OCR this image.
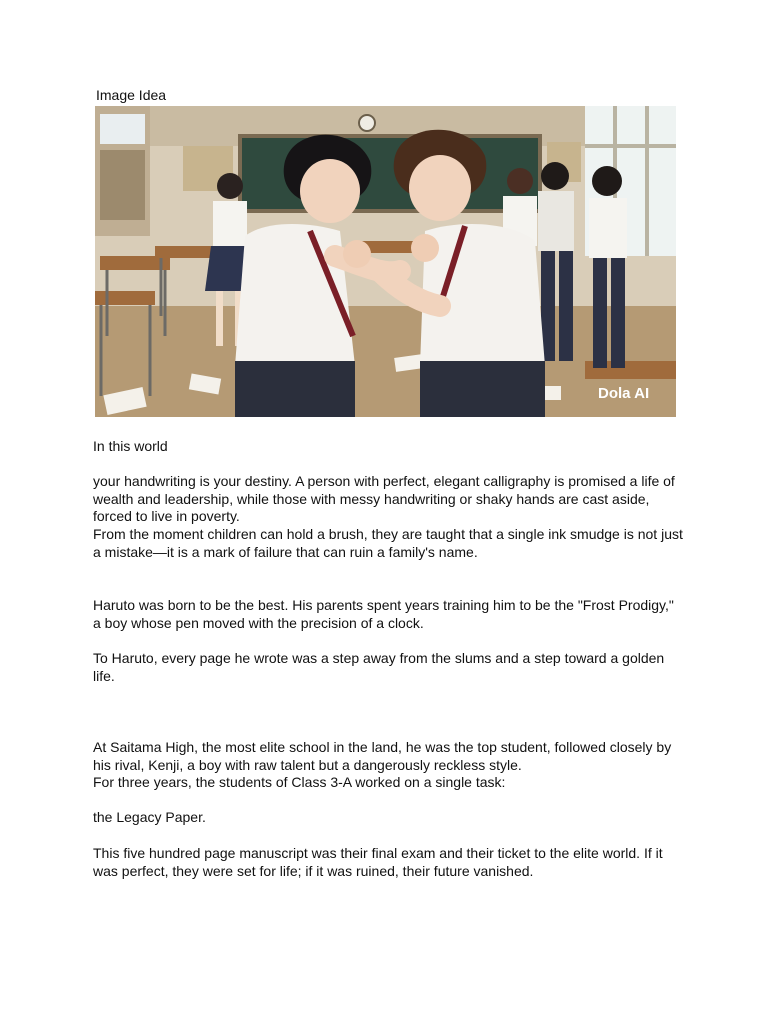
Image Idea
Dola AI
In this world
your handwriting is your destiny. A person with perfect, elegant calligraphy is promised a life of wealth and leadership, while those with messy handwriting or shaky hands are cast aside, forced to live in poverty.
From the moment children can hold a brush, they are taught that a single ink smudge is not just a mistake—it is a mark of failure that can ruin a family's name.
Haruto was born to be the best. His parents spent years training him to be the "Frost Prodigy," a boy whose pen moved with the precision of a clock.
To Haruto, every page he wrote was a step away from the slums and a step toward a golden life.
At Saitama High, the most elite school in the land, he was the top student, followed closely by his rival, Kenji, a boy with raw talent but a dangerously reckless style.
For three years, the students of Class 3-A worked on a single task:
the Legacy Paper.
This five hundred page manuscript was their final exam and their ticket to the elite world. If it was perfect, they were set for life; if it was ruined, their future vanished.
